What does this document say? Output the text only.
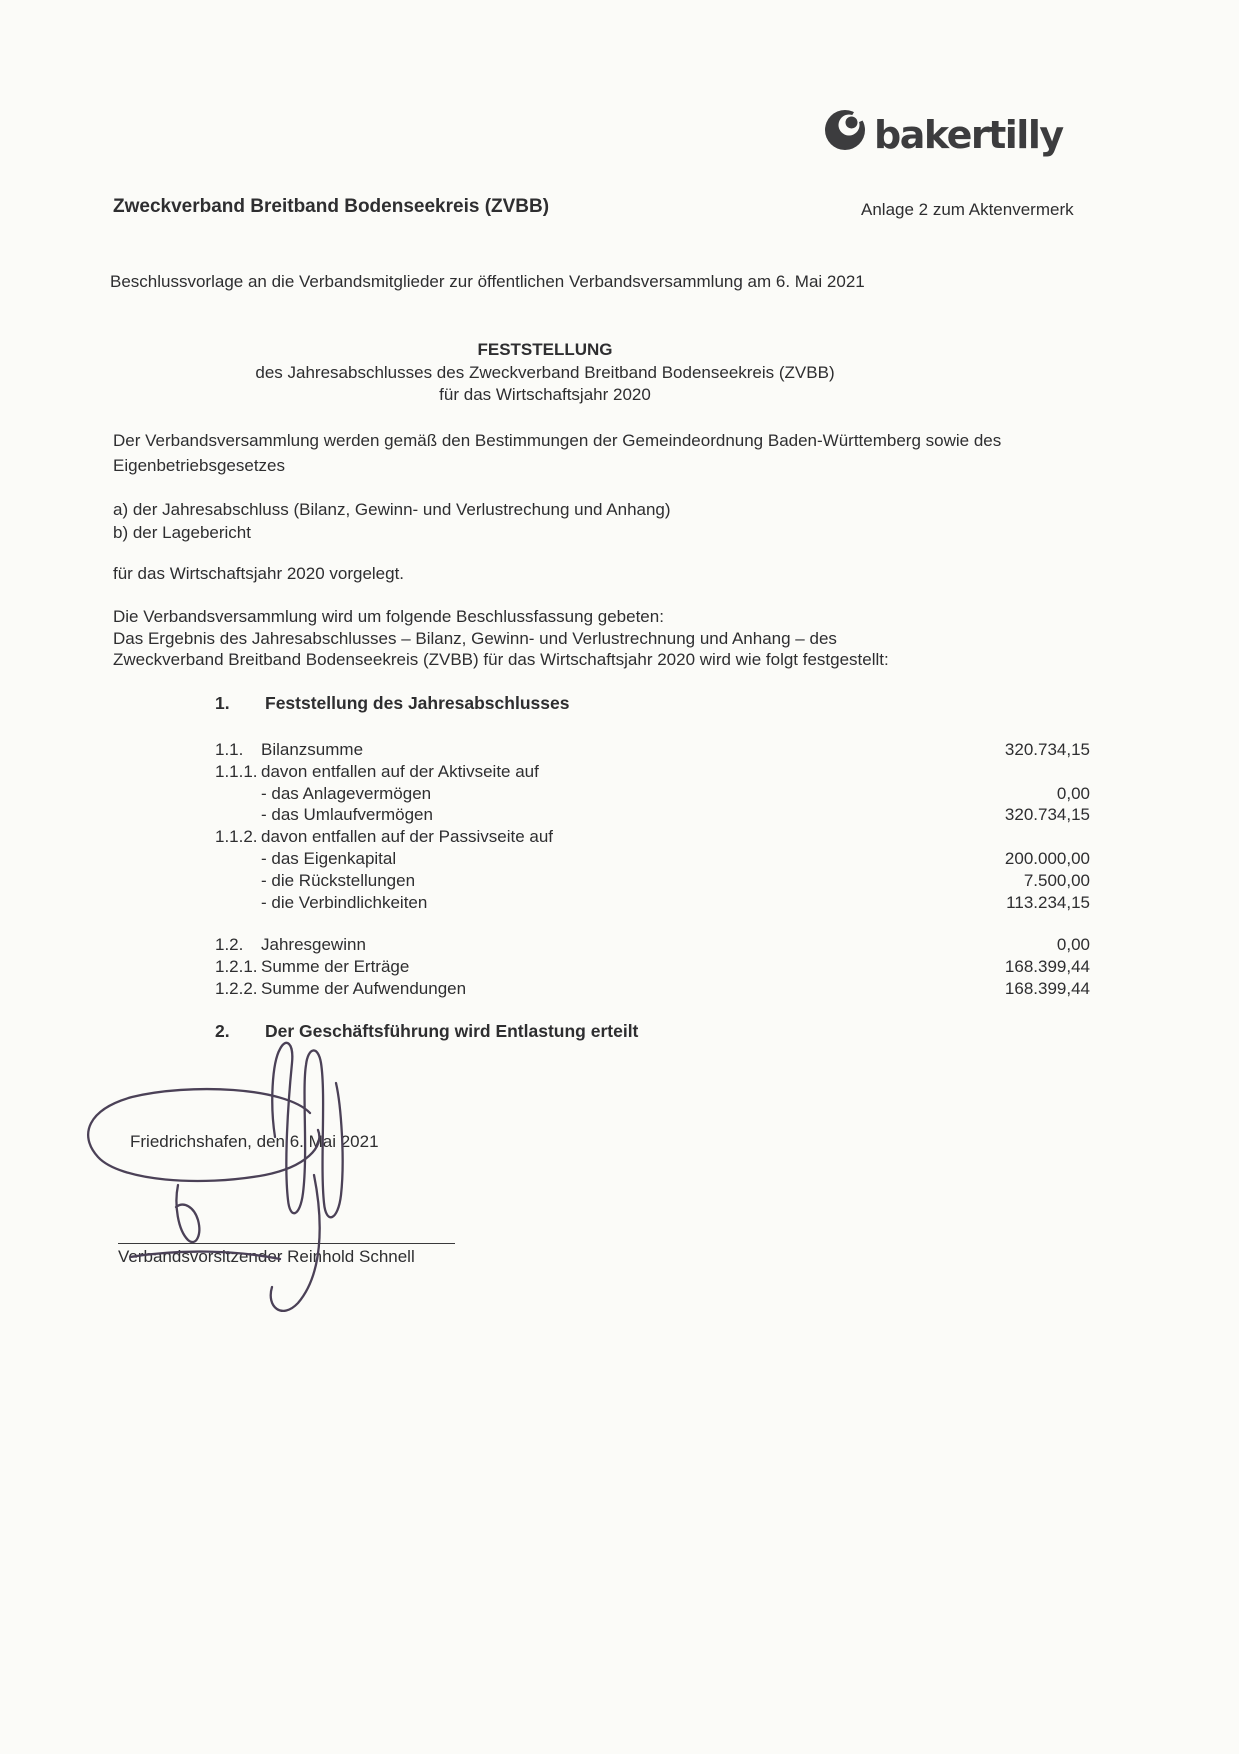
bakertilly
Zweckverband Breitband Bodenseekreis (ZVBB)	Anlage 2 zum Aktenvermerk
Beschlussvorlage an die Verbandsmitglieder zur öffentlichen Verbandsversammlung am 6. Mai 2021
FESTSTELLUNG
des Jahresabschlusses des Zweckverband Breitband Bodenseekreis (ZVBB)
für das Wirtschaftsjahr 2020
Der Verbandsversammlung werden gemäß den Bestimmungen der Gemeindeordnung Baden-Württemberg sowie des
Eigenbetriebsgesetzes
a) der Jahresabschluss (Bilanz, Gewinn- und Verlustrechung und Anhang)
b) der Lagebericht
für das Wirtschaftsjahr 2020 vorgelegt.
Die Verbandsversammlung wird um folgende Beschlussfassung gebeten:
Das Ergebnis des Jahresabschlusses – Bilanz, Gewinn- und Verlustrechnung und Anhang – des
Zweckverband Breitband Bodenseekreis (ZVBB) für das Wirtschaftsjahr 2020 wird wie folgt festgestellt:
1.	Feststellung des Jahresabschlusses
1.1.	Bilanzsumme	320.734,15
1.1.1. davon entfallen auf der Aktivseite auf
- das Anlagevermögen	0,00
- das Umlaufvermögen	320.734,15
1.1.2. davon entfallen auf der Passivseite auf
- das Eigenkapital	200.000,00
- die Rückstellungen	7.500,00
- die Verbindlichkeiten	113.234,15
1.2.	Jahresgewinn	0,00
1.2.1. Summe der Erträge	168.399,44
1.2.2. Summe der Aufwendungen	168.399,44
2.	Der Geschäftsführung wird Entlastung erteilt
Friedrichshafen, den 6. Mai 2021
Verbandsvorsitzender Reinhold Schnell
